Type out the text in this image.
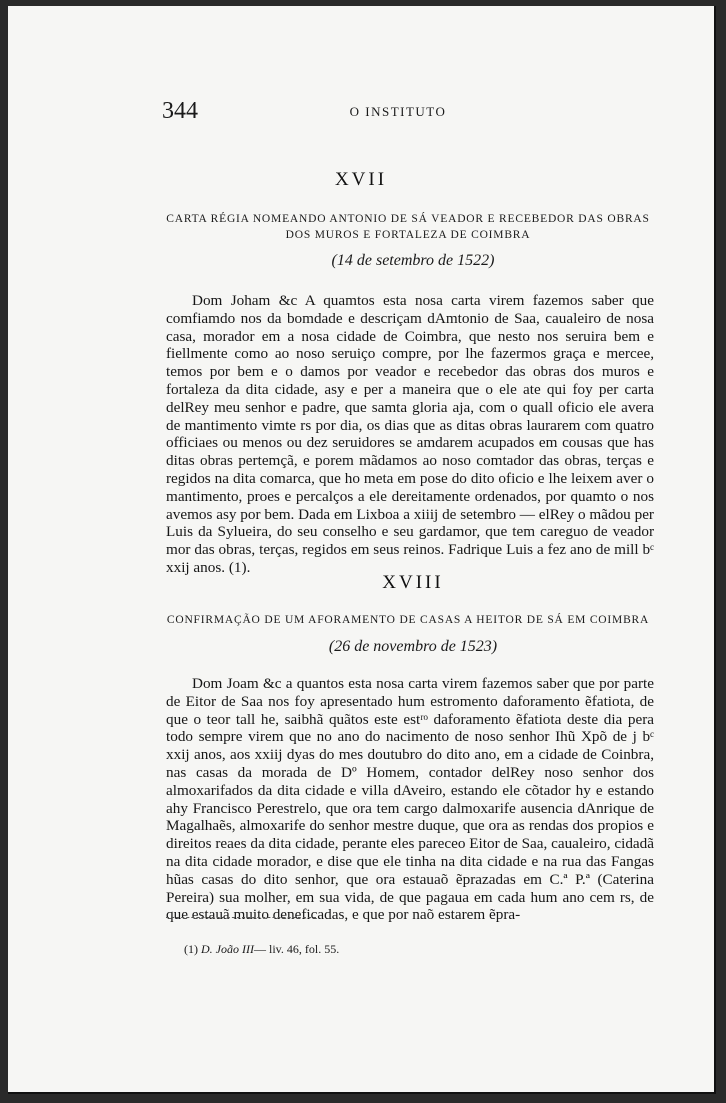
344	O INSTITUTO
XVII
CARTA RÉGIA NOMEANDO ANTONIO DE SÁ VEADOR E RECEBEDOR DAS OBRAS
DOS MUROS E FORTALEZA DE COIMBRA
(14 de setembro de 1522)

Dom Joham &c A quamtos esta nosa carta virem fazemos saber que comfiamdo nos da bomdade e descriçam dAmtonio de Saa, caualeiro de nosa casa, morador em a nosa cidade de Coimbra, que nesto nos seruira bem e fiellmente como ao noso seruiço compre, por lhe fazermos graça e mercee, temos por bem e o damos por veador e recebedor das obras dos muros e fortaleza da dita cidade, asy e per a maneira que o ele ate qui foy per carta delRey meu senhor e padre, que samta gloria aja, com o quall oficio ele avera de mantimento vimte rs por dia, os dias que as ditas obras laurarem com quatro officiaes ou menos ou dez seruidores se amdarem acupados em cousas que has ditas obras pertemçã, e porem mãdamos ao noso comtador das obras, terças e regidos na dita comarca, que ho meta em pose do dito oficio e lhe leixem aver o mantimento, proes e percalços a ele dereitamente ordenados, por quamto o nos avemos asy por bem. Dada em Lixboa a xiiij de setembro — elRey o mãdou per Luis da Sylueira, do seu conselho e seu gardamor, que tem careguo de veador mor das obras, terças, regidos em seus reinos. Fadrique Luis a fez ano de mill bᶜ xxij anos. (1).

XVIII
CONFIRMAÇÃO DE UM AFORAMENTO DE CASAS A HEITOR DE SÁ EM COIMBRA
(26 de novembro de 1523)

Dom Joam &c a quantos esta nosa carta virem fazemos saber que por parte de Eitor de Saa nos foy apresentado hum estromento daforamento ẽfatiota, de que o teor tall he, saibhã quãtos este estʳᵒ daforamento ẽfatiota deste dia pera todo sempre virem que no ano do nacimento de noso senhor Ihũ Xpõ de j bᶜ xxij anos, aos xxiij dyas do mes doutubro do dito ano, em a cidade de Coinbra, nas casas da morada de Dº Homem, contador delRey noso senhor dos almoxarifados da dita cidade e villa dAveiro, estando ele cõtador hy e estando ahy Francisco Perestrelo, que ora tem cargo dalmoxarife ausencia dAnrique de Magalhaẽs, almoxarife do senhor mestre duque, que ora as rendas dos propios e direitos reaes da dita cidade, perante eles pareceo Eitor de Saa, caualeiro, cidadã na dita cidade morador, e dise que ele tinha na dita cidade e na rua das Fangas hũas casas do dito senhor, que ora estauaõ ẽprazadas em C.ª P.ª (Caterina Pereira) sua molher, em sua vida, de que pagaua em cada hum ano cem rs, de que estauã muito deneficadas, e que por naõ estarem ẽpra-

(1) D. João III— liv. 46, fol. 55.
